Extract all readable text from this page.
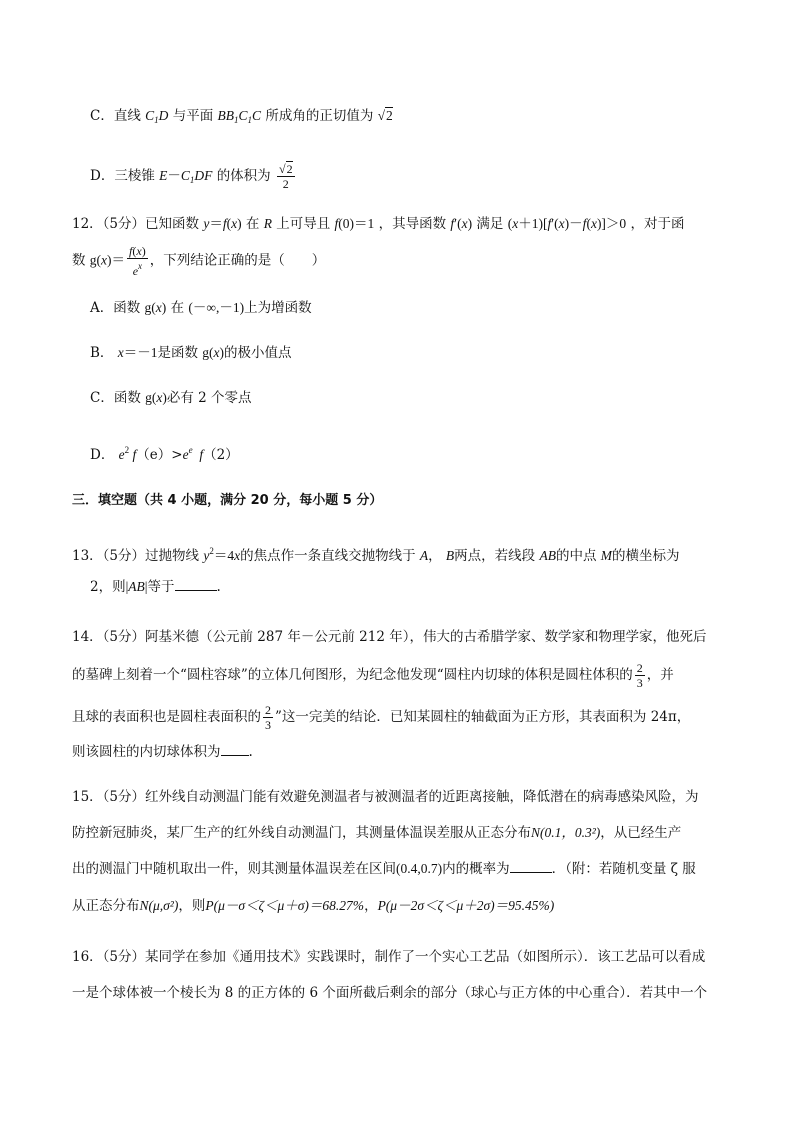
C．直线 $C_1D$ 与平面 $BB_1C_1C$ 所成角的正切值为 √2
D．三棱锥 $E-C_1DF$ 的体积为 $\frac{√2}{2}$
12．（5分）已知函数 y＝f(x) 在 R 上可导且 f(0)＝1 ，其导函数 f′(x) 满足 (x＋1)[f′(x)－f(x)]＞0 ，对于函
数 $g(x)= \frac{f(x)}{e^x}$ ，下列结论正确的是（　　）
A．函数 g(x) 在 (－∞,－1)上为增函数
B． x＝－1是函数 g(x)的极小值点
C．函数 g(x)必有 2 个零点
D． $e^2$ $f(e)>e^e$  f（2）
三．填空题（共 4 小题，满分 20 分，每小题 5 分）
13．（5分）过抛物线 $y^2=4x$的焦点作一条直线交抛物线于 A， B两点，若线段 AB的中点 M的横坐标为
2，则|AB|等于	.
14．（5分）阿基米德（公元前 287 年－公元前 212 年），伟大的古希腊学家、数学家和物理学家，他死后
的墓碑上刻着一个“圆柱容球”的立体几何图形，为纪念他发现“圆柱内切球的体积是圆柱体积的 $\frac{2}{3}$ ，并
且球的表面积也是圆柱表面积的 $\frac{2}{3}$ ”这一完美的结论．已知某圆柱的轴截面为正方形，其表面积为 24π，
则该圆柱的内切球体积为 .
15．（5分）红外线自动测温门能有效避免测温者与被测温者的近距离接触，降低潜在的病毒感染风险，为
防控新冠肺炎，某厂生产的红外线自动测温门，其测量体温误差服从正态分布N(0.1，0.3²)，从已经生产
出的测温门中随机取出一件，则其测量体温误差在区间(0.4,0.7)内的概率为	．（附：若随机变量 ζ 服
从正态分布N(μ,σ²)，则P(μ－σ＜ζ＜μ＋σ)＝68.27%，P(μ－2σ＜ζ＜μ＋2σ)＝95.45%)
16．（5分）某同学在参加《通用技术》实践课时，制作了一个实心工艺品（如图所示）．该工艺品可以看成
一是个球体被一个棱长为 8 的正方体的 6 个面所截后剩余的部分（球心与正方体的中心重合）．若其中一个
